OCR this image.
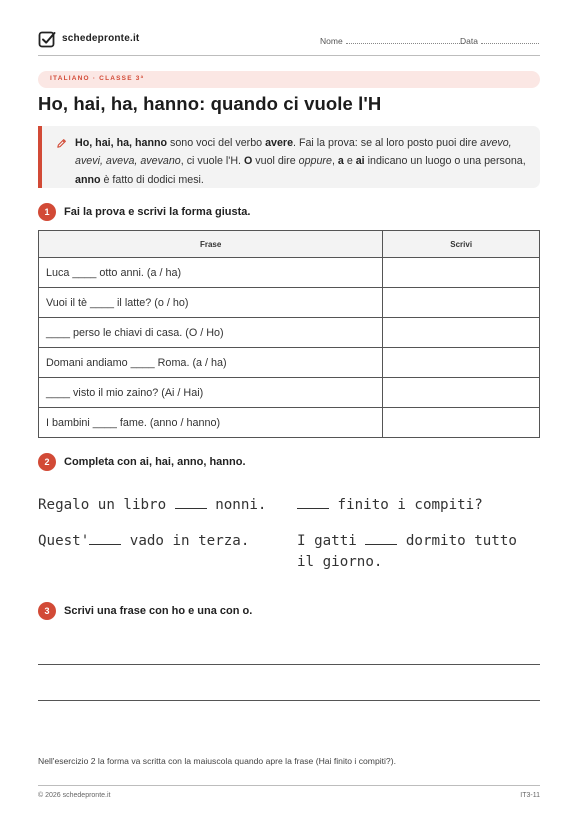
schedepronte.it	Nome	Data
ITALIANO · CLASSE 3ª
Ho, hai, ha, hanno: quando ci vuole l'H
Ho, hai, ha, hanno sono voci del verbo avere. Fai la prova: se al loro posto puoi dire avevo, avevi, aveva, avevano, ci vuole l'H. O vuol dire oppure, a e ai indicano un luogo o una persona, anno è fatto di dodici mesi.
1	Fai la prova e scrivi la forma giusta.
Frase	Scrivi
Luca ____ otto anni. (a / ha)	
Vuoi il tè ____ il latte? (o / ho)	
____ perso le chiavi di casa. (O / Ho)	
Domani andiamo ____ Roma. (a / ha)	
____ visto il mio zaino? (Ai / Hai)	
I bambini ____ fame. (anno / hanno)	
2	Completa con ai, hai, anno, hanno.
Regalo un libro  nonni.	finito i compiti?
Quest' vado in terza.	I gatti  dormito tutto il giorno.
3	Scrivi una frase con ho e una con o.
Nell'esercizio 2 la forma va scritta con la maiuscola quando apre la frase (Hai finito i compiti?).
© 2026 schedepronte.it	IT3-11
